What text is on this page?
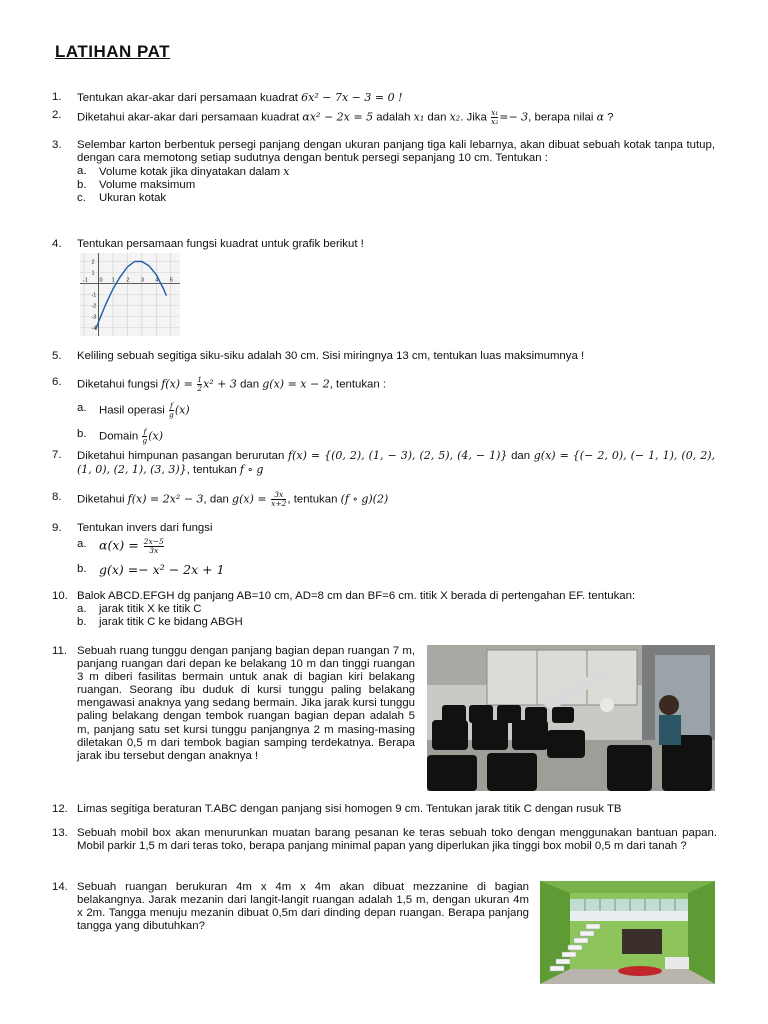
LATIHAN PAT
1.	Tentukan akar-akar dari persamaan kuadrat 6x² − 7x − 3 = 0 !
2.	Diketahui akar-akar dari persamaan kuadrat αx² − 2x = 5 adalah x₁ dan x₂. Jika $\frac{\text{x₁}}{\text{x₂}} =- 3$, berapa nilai α ?
3.	Selembar karton berbentuk persegi panjang dengan ukuran panjang tiga kali lebarnya, akan dibuat sebuah kotak tanpa tutup, dengan cara memotong setiap sudutnya dengan bentuk persegi sepanjang 10 cm. Tentukan :
a. Volume kotak jika dinyatakan dalam x
b. Volume maksimum
c. Ukuran kotak
4.	Tentukan persamaan fungsi kuadrat untuk grafik berikut !
-1 0 1 2 3 4 5
2
1
-1
-2
-3
-4
5.	Keliling sebuah segitiga siku-siku adalah 30 cm. Sisi miringnya 13 cm, tentukan luas maksimumnya !
6.	Diketahui fungsi $f(x) = \frac{1}{2} x^2 + 3$ dan g(x) = x − 2, tentukan :
a. Hasil operasi $\frac{f}{g} (x)$
b. Domain $\frac{f}{g} (x)$
7.	Diketahui himpunan pasangan berurutan f(x) = {(0, 2), (1, − 3), (2, 5), (4, − 1)} dan g(x) = {(− 2, 0), (− 1, 1), (0, 2), (1, 0), (2, 1), (3, 3)}, tentukan f ∘ g
8.	Diketahui f(x) = 2x² − 3, dan $g(x) = \frac{3x}{x+2}$ , tentukan (f ∘ g)(2)
9.	Tentukan invers dari fungsi
a. $\alpha(x) = \frac{2x-5}{3x}$
b. g(x) =− x² − 2x + 1
10. Balok ABCD.EFGH dg panjang AB=10 cm, AD=8 cm dan BF=6 cm. titik X berada di pertengahan EF. tentukan:
a. jarak titik X ke titik C
b. jarak titik C ke bidang ABGH
11. Sebuah ruang tunggu dengan panjang bagian depan ruangan 7 m, panjang ruangan dari depan ke belakang 10 m dan tinggi ruangan 3 m diberi fasilitas bermain untuk anak di bagian kiri belakang ruangan. Seorang ibu duduk di kursi tunggu paling belakang mengawasi anaknya yang sedang bermain. Jika jarak kursi tunggu paling belakang dengan tembok ruangan bagian depan adalah 5 m, panjang satu set kursi tunggu panjangnya 2 m masing-masing diletakan 0,5 m dari tembok bagian samping terdekatnya. Berapa jarak ibu tersebut dengan anaknya !
12. Limas segitiga beraturan T.ABC dengan panjang sisi homogen 9 cm. Tentukan jarak titik C dengan rusuk TB
13. Sebuah mobil box akan menurunkan muatan barang pesanan ke teras sebuah toko dengan menggunakan bantuan papan. Mobil parkir 1,5 m dari teras toko, berapa panjang minimal papan yang diperlukan jika tinggi box mobil 0,5 m dari tanah ?
14. Sebuah ruangan berukuran 4m x 4m x 4m akan dibuat mezzanine di bagian belakangnya. Jarak mezanin dari langit-langit ruangan adalah 1,5 m, dengan ukuran 4m x 2m. Tangga menuju mezanin dibuat 0,5m dari dinding depan ruangan. Berapa panjang tangga yang dibutuhkan?
